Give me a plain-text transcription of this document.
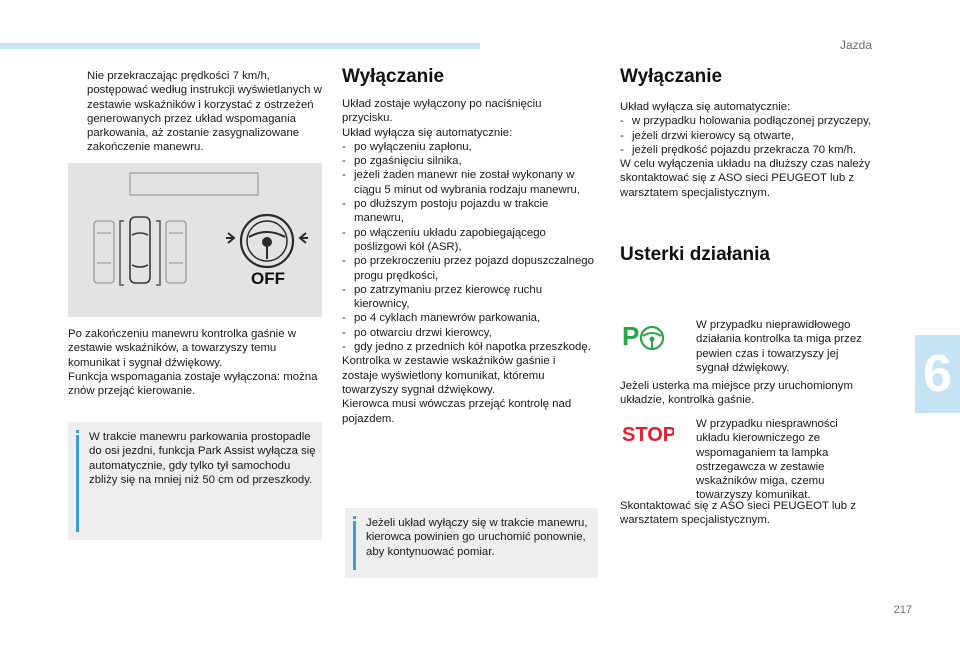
Jazda
6
217

Nie przekraczając prędkości 7 km/h, postępować według instrukcji wyświetlanych w zestawie wskaźników i korzystać z ostrzeżeń generowanych przez układ wspomagania parkowania, aż zostanie zasygnalizowane zakończenie manewru.

OFF

Po zakończeniu manewru kontrolka gaśnie w zestawie wskaźników, a towarzyszy temu komunikat i sygnał dźwiękowy.

Funkcja wspomagania zostaje wyłączona: można znów przejąć kierowanie.

W trakcie manewru parkowania prostopadle do osi jezdni, funkcja Park Assist wyłącza się automatycznie, gdy tylko tył samochodu zbliży się na mniej niż 50 cm od przeszkody.
Wyłączanie

Układ zostaje wyłączony po naciśnięciu przycisku.

Układ wyłącza się automatycznie:

- po wyłączeniu zapłonu,
- po zgaśnięciu silnika,
- jeżeli żaden manewr nie został wykonany w ciągu 5 minut od wybrania rodzaju manewru,
- po dłuższym postoju pojazdu w trakcie manewru,
- po włączeniu układu zapobiegającego poślizgowi kół (ASR),
- po przekroczeniu przez pojazd dopuszczalnego progu prędkości,
- po zatrzymaniu przez kierowcę ruchu kierownicy,
- po 4 cyklach manewrów parkowania,
- po otwarciu drzwi kierowcy,
- gdy jedno z przednich kół napotka przeszkodę.

Kontrolka w zestawie wskaźników gaśnie i zostaje wyświetlony komunikat, któremu towarzyszy sygnał dźwiękowy.

Kierowca musi wówczas przejąć kontrolę nad pojazdem.

Jeżeli układ wyłączy się w trakcie manewru, kierowca powinien go uruchomić ponownie, aby kontynuować pomiar.
Wyłączanie

Układ wyłącza się automatycznie:

- w przypadku holowania podłączonej przyczepy,
- jeżeli drzwi kierowcy są otwarte,
- jeżeli prędkość pojazdu przekracza 70 km/h.

W celu wyłączenia układu na dłuższy czas należy skontaktować się z ASO sieci PEUGEOT lub z warsztatem specjalistycznym.

Usterki działania
P	W przypadku nieprawidłowego działania kontrolka ta miga przez pewien czas i towarzyszy jej sygnał dźwiękowy.

Jeżeli usterka ma miejsce przy uruchomionym układzie, kontrolka gaśnie.

STOP W przypadku niesprawności układu kierowniczego ze wspomaganiem ta lampka ostrzegawcza w zestawie wskaźników miga, czemu towarzyszy komunikat.

Skontaktować się z ASO sieci PEUGEOT lub z warsztatem specjalistycznym.
